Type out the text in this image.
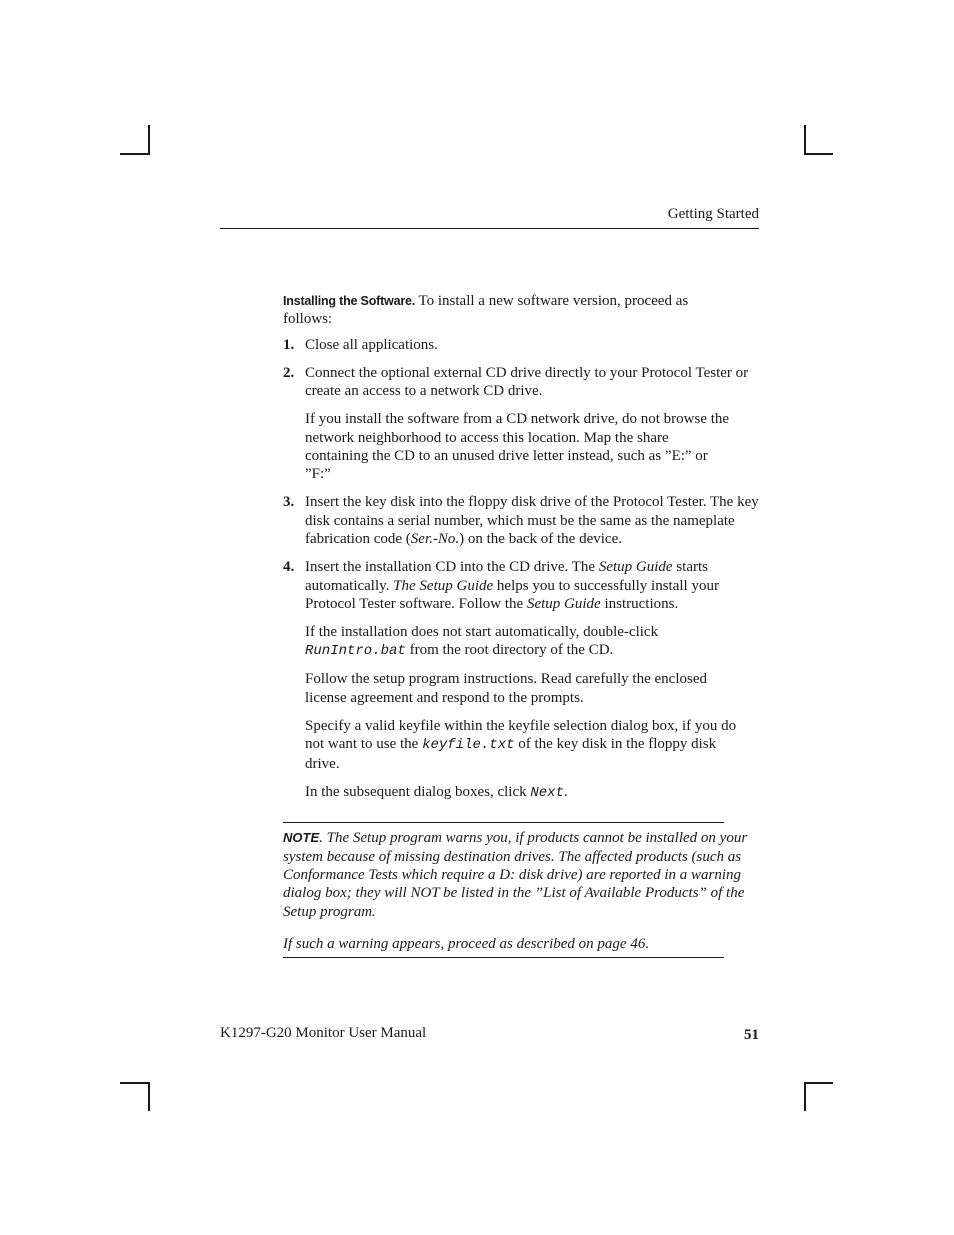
Getting Started

Installing the Software. To install a new software version, proceed as follows:

1. Close all applications.

2. Connect the optional external CD drive directly to your Protocol Tester or create an access to a network CD drive.

If you install the software from a CD network drive, do not browse the network neighborhood to access this location. Map the share containing the CD to an unused drive letter instead, such as ”E:” or ”F:”

3. Insert the key disk into the floppy disk drive of the Protocol Tester. The key disk contains a serial number, which must be the same as the nameplate fabrication code (Ser.-No.) on the back of the device.

4. Insert the installation CD into the CD drive. The Setup Guide starts automatically. The Setup Guide helps you to successfully install your Protocol Tester software. Follow the Setup Guide instructions.

If the installation does not start automatically, double-click RunIntro.bat from the root directory of the CD.

Follow the setup program instructions. Read carefully the enclosed license agreement and respond to the prompts.

Specify a valid keyfile within the keyfile selection dialog box, if you do not want to use the keyfile.txt of the key disk in the floppy disk drive.

In the subsequent dialog boxes, click Next.

NOTE. The Setup program warns you, if products cannot be installed on your system because of missing destination drives. The affected products (such as Conformance Tests which require a D: disk drive) are reported in a warning dialog box; they will NOT be listed in the ”List of Available Products” of the Setup program.

If such a warning appears, proceed as described on page 46.

K1297-G20 Monitor User Manual	51
